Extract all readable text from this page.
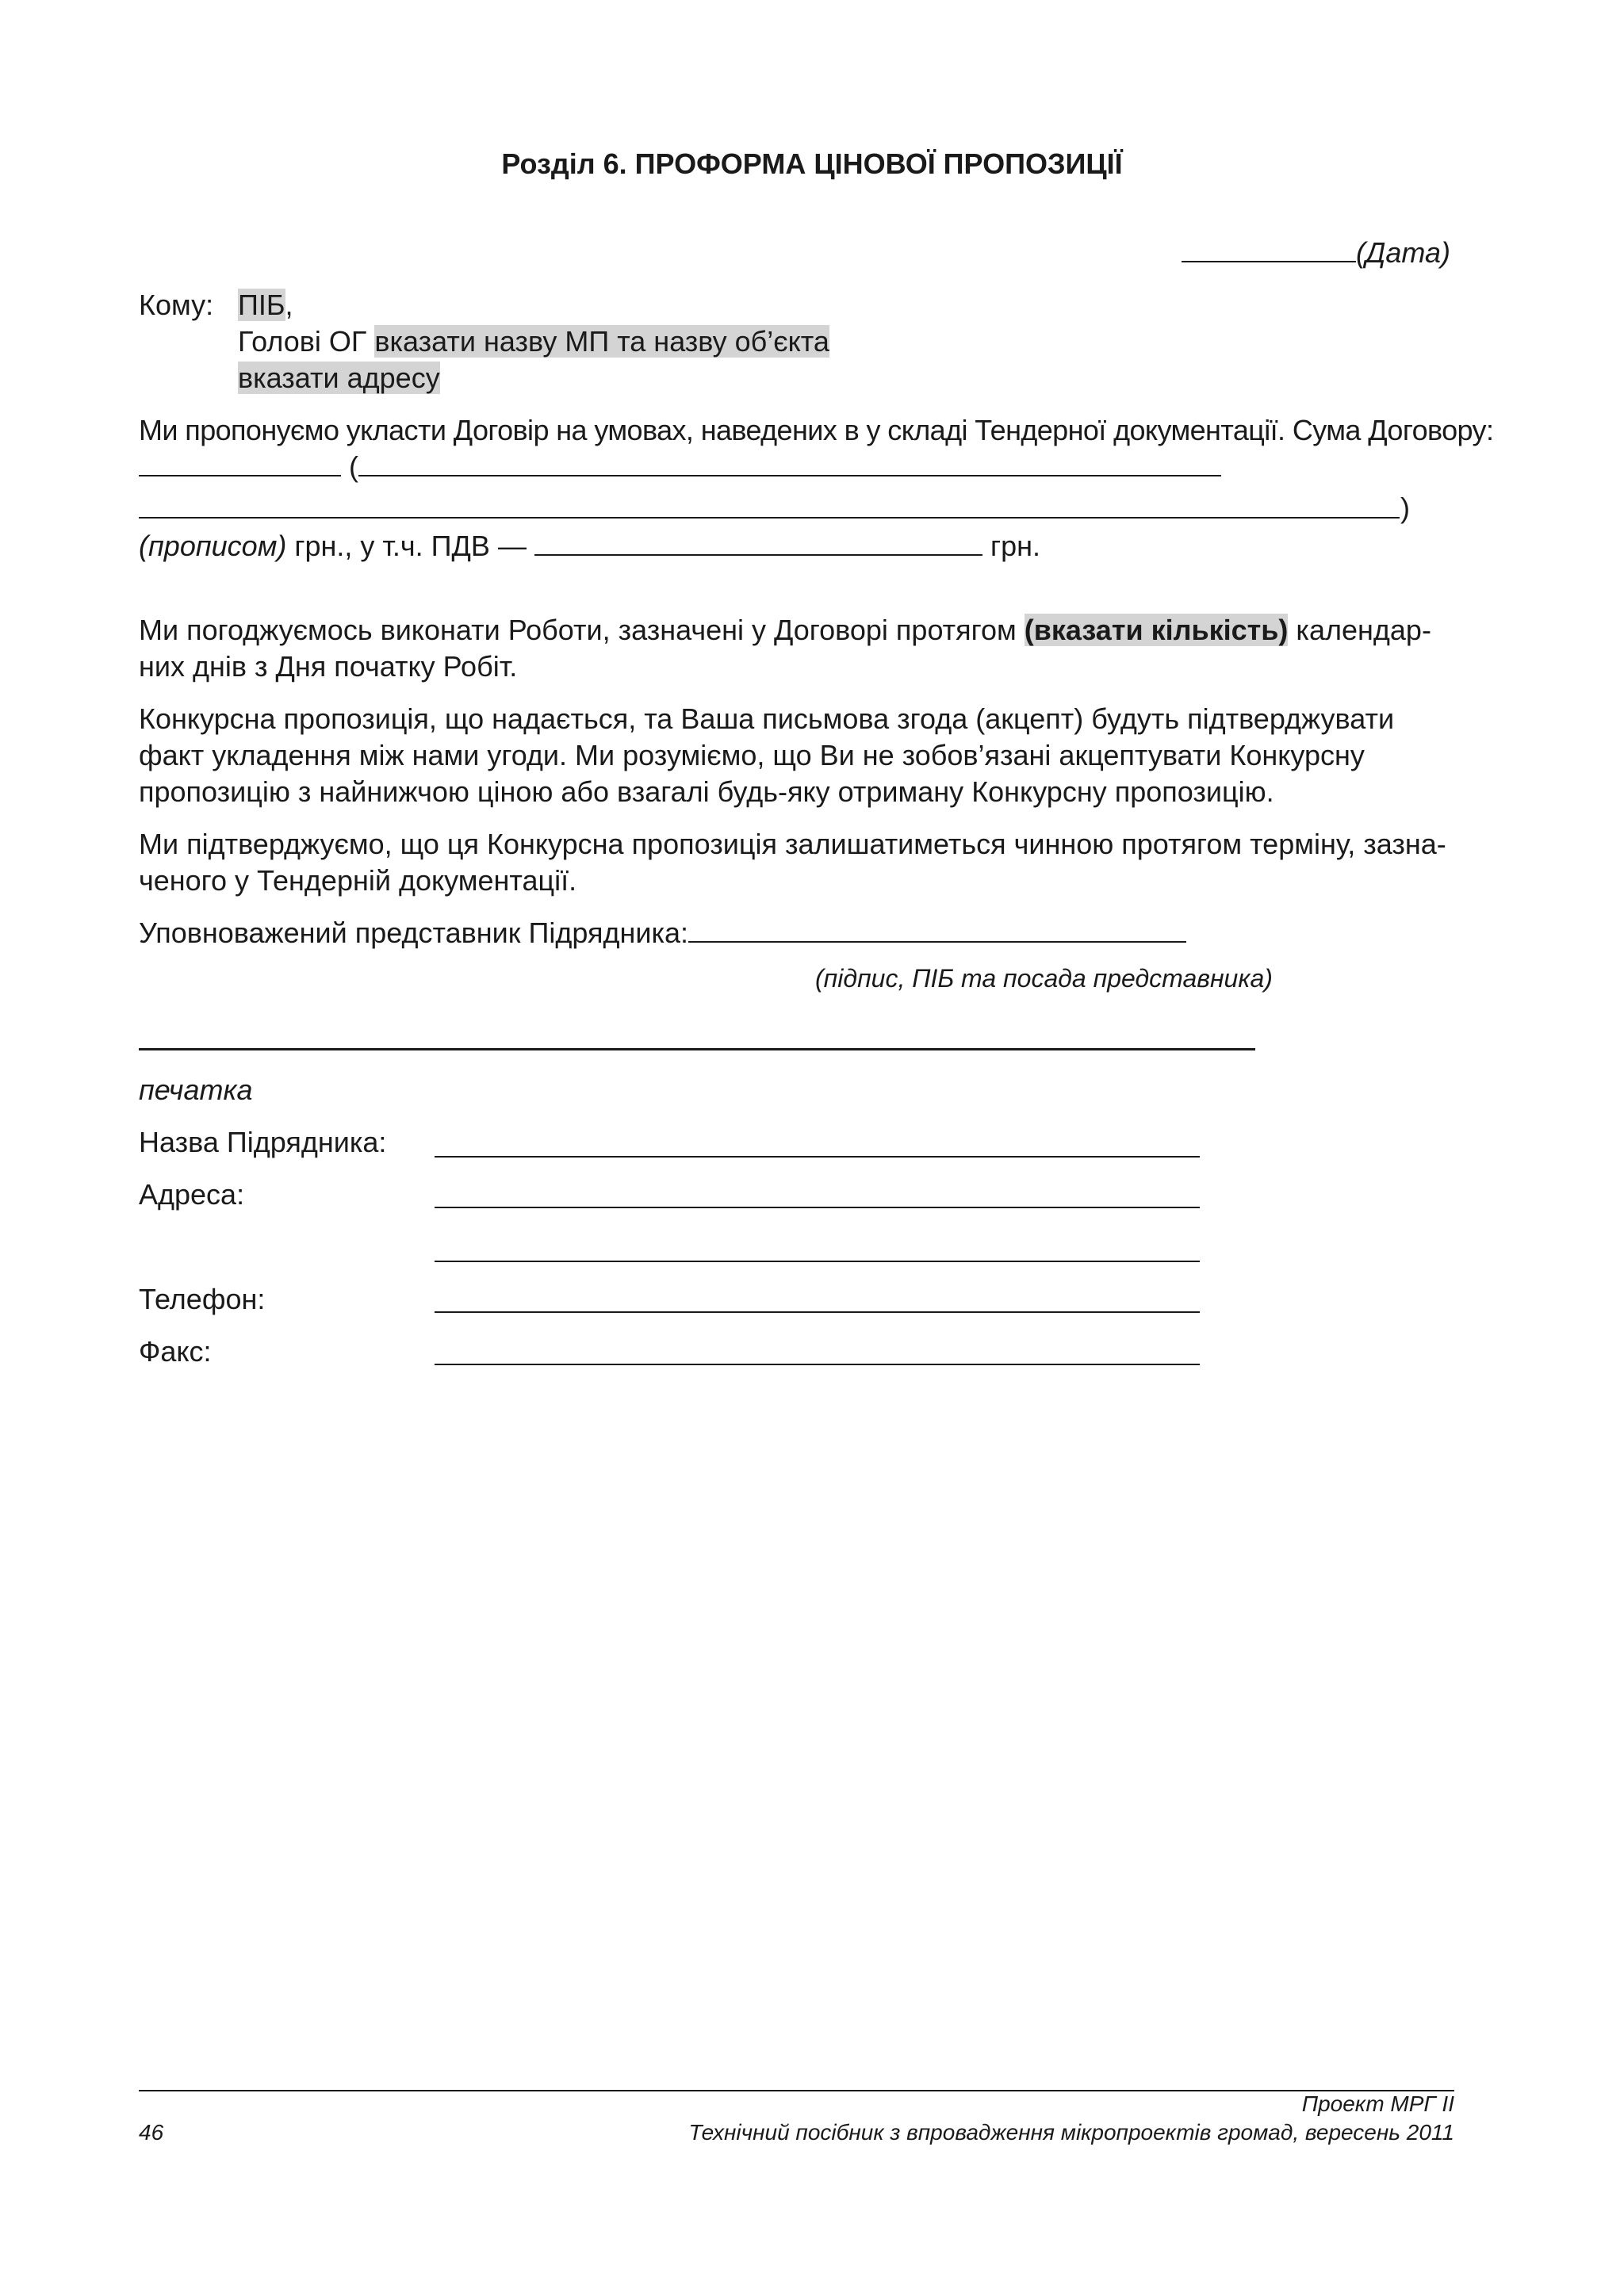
Розділ 6. ПРОФОРМА ЦІНОВОЇ ПРОПОЗИЦІЇ
(Дата)
Кому: ПІБ,
Голові ОГ вказати назву МП та назву об’єкта
вказати адресу
Ми пропонуємо укласти Договір на умовах, наведених в у складі Тендерної документації. Сума Договору:
(
)
(прописом) грн., у т.ч. ПДВ —	грн.
Ми погоджуємось виконати Роботи, зазначені у Договорі протягом (вказати кількість) календарних днів з Дня початку Робіт.
Конкурсна пропозиція, що надається, та Ваша письмова згода (акцепт) будуть підтверджувати факт укладення між нами угоди. Ми розуміємо, що Ви не зобов’язані акцептувати Конкурсну пропозицію з найнижчою ціною або взагалі будь-яку отриману Конкурсну пропозицію.
Ми підтверджуємо, що ця Конкурсна пропозиція залишатиметься чинною протягом терміну, зазначеного у Тендерній документації.
Уповноважений представник Підрядника:
(підпис, ПІБ та посада представника)
печатка
Назва Підрядника:
Адреса:
Телефон:
Факс:
Проект МРГ ІІ
Технічний посібник з впровадження мікропроектів громад, вересень 2011
46
